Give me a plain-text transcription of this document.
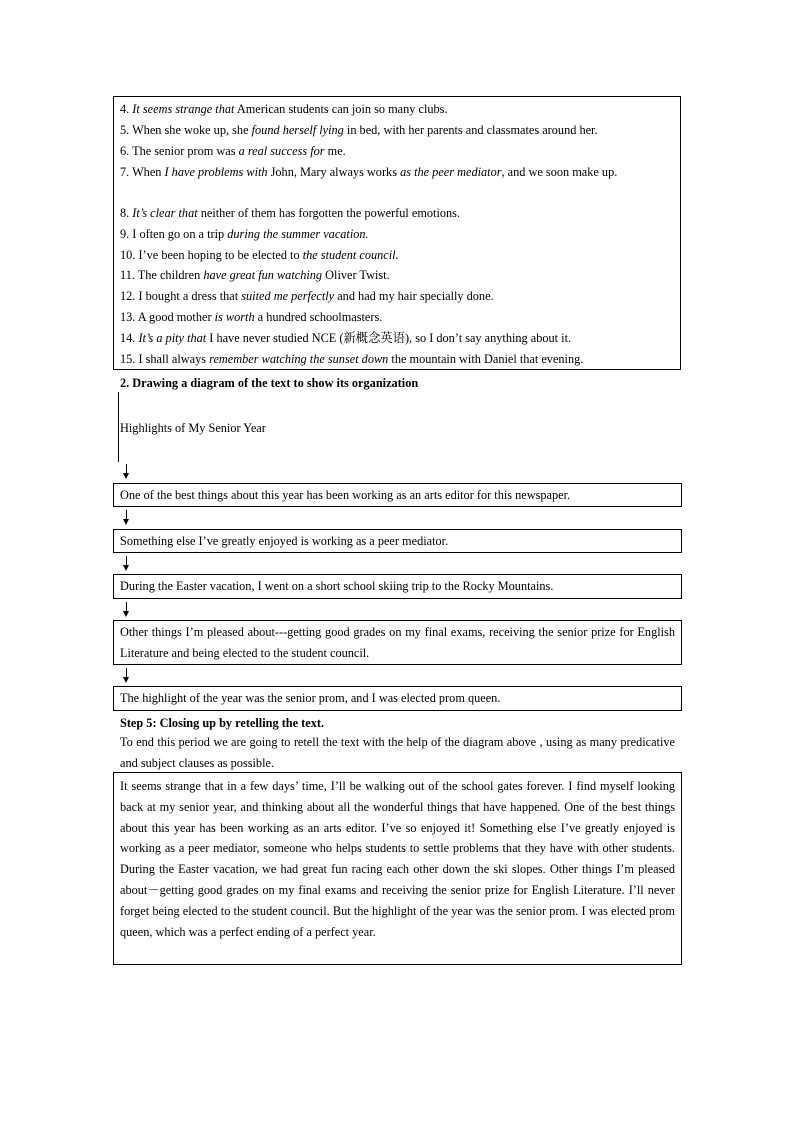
4. It seems strange that American students can join so many clubs.
5. When she woke up, she found herself lying in bed, with her parents and classmates around her.
6. The senior prom was a real success for me.
7. When I have problems with John, Mary always works as the peer mediator, and we soon make up.
8. It’s clear that neither of them has forgotten the powerful emotions.
9. I often go on a trip during the summer vacation.
10. I’ve been hoping to be elected to the student council.
11. The children have great fun watching Oliver Twist.
12. I bought a dress that suited me perfectly and had my hair specially done.
13. A good mother is worth a hundred schoolmasters.
14. It’s a pity that I have never studied NCE (新概念英语), so I don’t say anything about it.
15. I shall always remember watching the sunset down the mountain with Daniel that evening.
2. Drawing a diagram of the text to show its organization
Highlights of My Senior Year
One of the best things about this year has been working as an arts editor for this newspaper.
Something else I’ve greatly enjoyed is working as a peer mediator.
During the Easter vacation, I went on a short school skiing trip to the Rocky Mountains.
Other things I’m pleased about---getting good grades on my final exams, receiving the senior prize for English Literature and being elected to the student council.
The highlight of the year was the senior prom, and I was elected prom queen.
Step 5: Closing up by retelling the text.
To end this period we are going to retell the text with the help of the diagram above , using as many predicative and subject clauses as possible.
It seems strange that in a few days’ time, I’ll be walking out of the school gates forever. I find myself looking back at my senior year, and thinking about all the wonderful things that have happened. One of the best things about this year has been working as an arts editor. I’ve so enjoyed it! Something else I’ve greatly enjoyed is working as a peer mediator, someone who helps students to settle problems that they have with other students. During the Easter vacation, we had great fun racing each other down the ski slopes. Other things I’m pleased about－getting good grades on my final exams and receiving the senior prize for English Literature. I’ll never forget being elected to the student council. But the highlight of the year was the senior prom. I was elected prom queen, which was a perfect ending of a perfect year.
